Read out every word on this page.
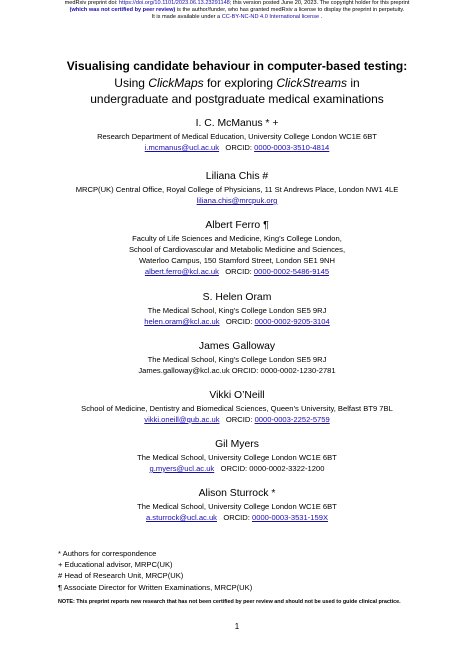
medRxiv preprint doi: https://doi.org/10.1101/2023.06.13.23291148; this version posted June 20, 2023. The copyright holder for this preprint
(which was not certified by peer review) is the author/funder, who has granted medRxiv a license to display the preprint in perpetuity.
It is made available under a CC-BY-NC-ND 4.0 International license .
Visualising candidate behaviour in computer-based testing:
Using ClickMaps for exploring ClickStreams in
undergraduate and postgraduate medical examinations
I. C. McManus * +
Research Department of Medical Education, University College London WC1E 6BT
i.mcmanus@ucl.ac.uk ORCID: 0000-0003-3510-4814
Liliana Chis #
MRCP(UK) Central Office, Royal College of Physicians, 11 St Andrews Place, London NW1 4LE
liliana.chis@mrcpuk.org
Albert Ferro ¶
Faculty of Life Sciences and Medicine, King’s College London,
School of Cardiovascular and Metabolic Medicine and Sciences,
Waterloo Campus, 150 Stamford Street, London SE1 9NH
albert.ferro@kcl.ac.uk ORCID: 0000-0002-5486-9145
S. Helen Oram
The Medical School, King’s College London SE5 9RJ
helen.oram@kcl.ac.uk ORCID: 0000-0002-9205-3104
James Galloway
The Medical School, King’s College London SE5 9RJ
James.galloway@kcl.ac.uk ORCID: 0000-0002-1230-2781
Vikki O’Neill
School of Medicine, Dentistry and Biomedical Sciences, Queen’s University, Belfast BT9 7BL
vikki.oneill@qub.ac.uk ORCID: 0000-0003-2252-5759
Gil Myers
The Medical School, University College London WC1E 6BT
g.myers@ucl.ac.uk ORCID: 0000-0002-3322-1200
Alison Sturrock *
The Medical School, University College London WC1E 6BT
a.sturrock@ucl.ac.uk ORCID: 0000-0003-3531-159X
* Authors for correspondence
+ Educational advisor, MRPC(UK)
# Head of Research Unit, MRCP(UK)
¶ Associate Director for Written Examinations, MRCP(UK)
NOTE: This preprint reports new research that has not been certified by peer review and should not be used to guide clinical practice.
1
